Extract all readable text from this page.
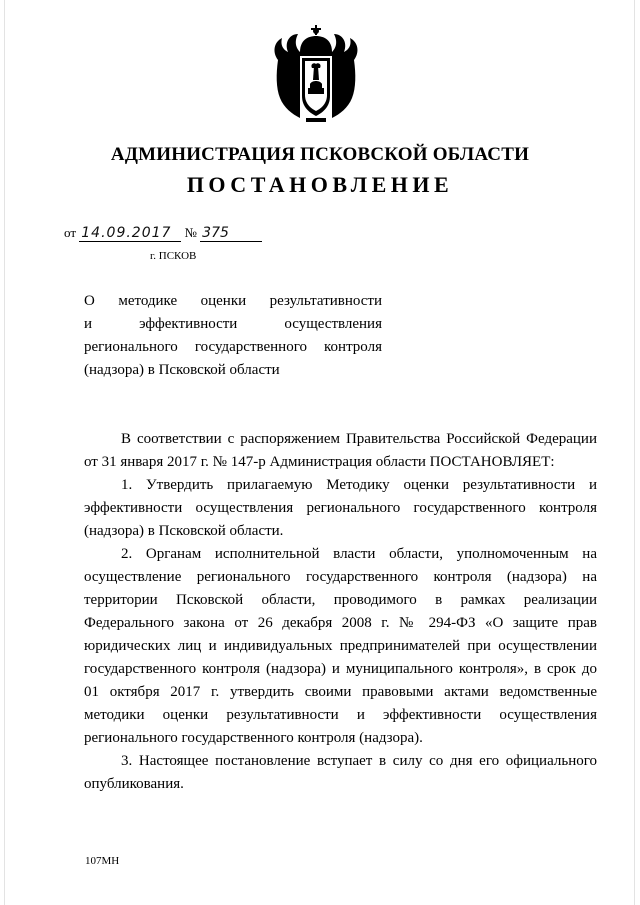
АДМИНИСТРАЦИЯ ПСКОВСКОЙ ОБЛАСТИ
ПОСТАНОВЛЕНИЕ
от 14.09.2017 № 375
г. ПСКОВ

О методике оценки результативности

и эффективности осуществления

регионального государственного контроля

(надзора) в Псковской области

В соответствии с распоряжением Правительства Российской Федерации от 31 января 2017 г. № 147-р Администрация области ПОСТАНОВЛЯЕТ:

1. Утвердить прилагаемую Методику оценки результативности и эффективности осуществления регионального государственного контроля (надзора) в Псковской области.

2. Органам исполнительной власти области, уполномоченным на осуществление регионального государственного контроля (надзора) на территории Псковской области, проводимого в рамках реализации Федерального закона от 26 декабря 2008 г. № 294-ФЗ «О защите прав юридических лиц и индивидуальных предпринимателей при осуществлении государственного контроля (надзора) и муниципального контроля», в срок до 01 октября 2017 г. утвердить своими правовыми актами ведомственные методики оценки результативности и эффективности осуществления регионального государственного контроля (надзора).

3. Настоящее постановление вступает в силу со дня его официального опубликования.

107МН
